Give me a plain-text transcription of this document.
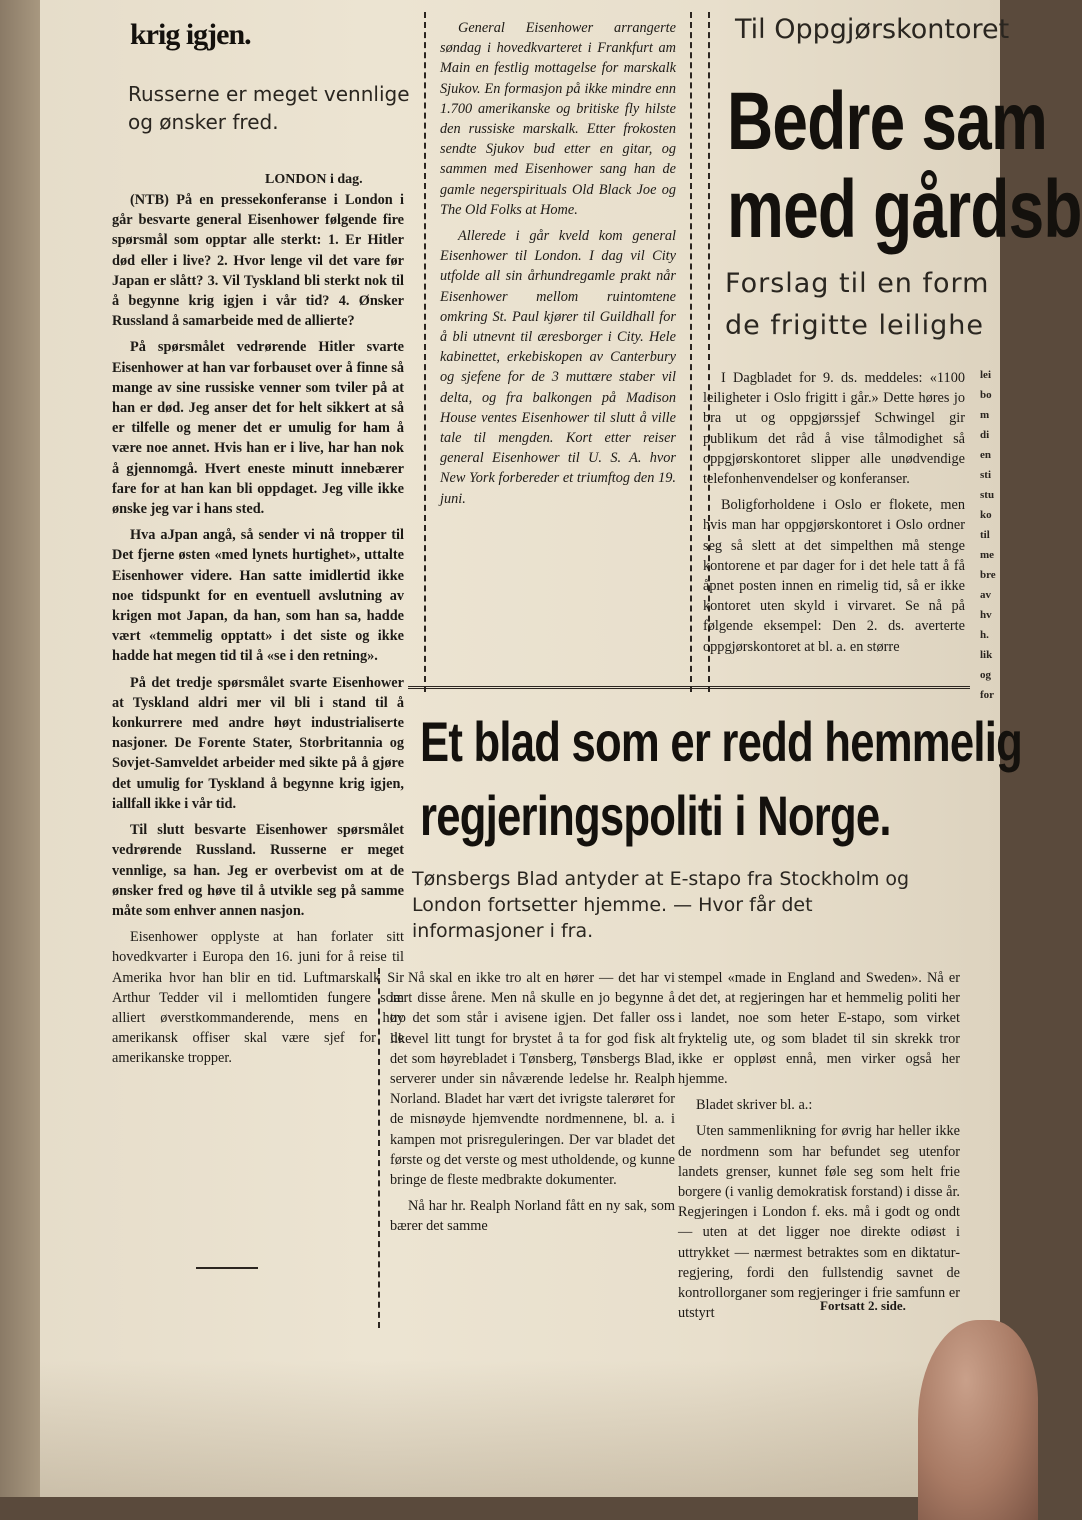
krig igjen.
Russerne er meget vennlige og ønsker fred.
LONDON i dag.

(NTB) På en pressekonferanse i London i går besvarte general Eisenhower følgende fire spørsmål som opptar alle sterkt: 1. Er Hitler død eller i live? 2. Hvor lenge vil det vare før Japan er slått? 3. Vil Tyskland bli sterkt nok til å begynne krig igjen i vår tid? 4. Ønsker Russland å samarbeide med de allierte?

På spørsmålet vedrørende Hitler svarte Eisenhower at han var forbauset over å finne så mange av sine russiske venner som tviler på at han er død. Jeg anser det for helt sikkert at så er tilfelle og mener det er umulig for ham å være noe annet. Hvis han er i live, har han nok å gjennomgå. Hvert eneste minutt innebærer fare for at han kan bli oppdaget. Jeg ville ikke ønske jeg var i hans sted.

Hva aJpan angå, så sender vi nå tropper til Det fjerne østen «med lynets hurtighet», uttalte Eisenhower videre. Han satte imidlertid ikke noe tidspunkt for en eventuell avslutning av krigen mot Japan, da han, som han sa, hadde vært «temmelig opptatt» i det siste og ikke hadde hat megen tid til å «se i den retning».

På det tredje spørsmålet svarte Eisenhower at Tyskland aldri mer vil bli i stand til å konkurrere med andre høyt industrialiserte nasjoner. De Forente Stater, Storbritannia og Sovjet-Samveldet arbeider med sikte på å gjøre det umulig for Tyskland å begynne krig igjen, iallfall ikke i vår tid.

Til slutt besvarte Eisenhower spørsmålet vedrørende Russland. Russerne er meget vennlige, sa han. Jeg er overbevist om at de ønsker fred og høve til å utvikle seg på samme måte som enhver annen nasjon.

Eisenhower opplyste at han forlater sitt hovedkvarter i Europa den 16. juni for å reise til Amerika hvor han blir en tid. Luftmarskalk Sir Arthur Tedder vil i mellomtiden fungere som alliert øverstkommanderende, mens en høy amerikansk offiser skal være sjef for de amerikanske tropper.

General Eisenhower arrangerte søndag i hovedkvarteret i Frankfurt am Main en festlig mottagelse for marskalk Sjukov. En formasjon på ikke mindre enn 1.700 amerikanske og britiske fly hilste den russiske marskalk. Etter frokosten sendte Sjukov bud etter en gitar, og sammen med Eisenhower sang han de gamle negerspirituals Old Black Joe og The Old Folks at Home.

Allerede i går kveld kom general Eisenhower til London. I dag vil City utfolde all sin århundregamle prakt når Eisenhower mellom ruintomtene omkring St. Paul kjører til Guildhall for å bli utnevnt til æresborger i City. Hele kabinettet, erkebiskopen av Canterbury og sjefene for de 3 muttære staber vil delta, og fra balkongen på Madison House ventes Eisenhower til slutt å ville tale til mengden. Kort etter reiser general Eisenhower til U. S. A. hvor New York forbereder et triumftog den 19. juni.

Til Oppgjørskontoret
Bedre sam
med gårdsb
Forslag til en form
de frigitte leilighe

I Dagbladet for 9. ds. meddeles: «1100 leiligheter i Oslo frigitt i går.» Dette høres jo bra ut og oppgjørssjef Schwingel gir publikum det råd å vise tålmodighet så oppgjørskontoret slipper alle unødvendige telefonhenvendelser og konferanser.

Boligforholdene i Oslo er flokete, men hvis man har oppgjørskontoret i Oslo ordner seg så slett at det simpelthen må stenge kontorene et par dager for i det hele tatt å få åpnet posten innen en rimelig tid, så er ikke kontoret uten skyld i virvaret. Se nå på følgende eksempel: Den 2. ds. averterte oppgjørskontoret at bl. a. en større

lei
bo
m
di
en
sti
stu
ko
til
me
bre
av
hv
h.
lik
og
for
Et blad som er redd hemmelig
regjeringspoliti i Norge.
Tønsbergs Blad antyder at E-stapo fra Stockholm og London fortsetter hjemme. — Hvor får det informasjoner i fra.

Nå skal en ikke tro alt en hører — det har vi lært disse årene. Men nå skulle en jo begynne å tro det som står i avisene igjen. Det faller oss likevel litt tungt for brystet å ta for god fisk alt det som høyrebladet i Tønsberg, Tønsbergs Blad, serverer under sin nåværende ledelse hr. Realph Norland. Bladet har vært det ivrigste talerøret for de misnøyde hjemvendte nordmennene, bl. a. i kampen mot prisreguleringen. Der var bladet det første og det verste og mest utholdende, og kunne bringe de fleste medbrakte dokumenter.

Nå har hr. Realph Norland fått en ny sak, som bærer det samme

stempel «made in England and Sweden». Nå er det det, at regjeringen har et hemmelig politi her i landet, noe som heter E-stapo, som virket fryktelig ute, og som bladet til sin skrekk tror ikke er oppløst ennå, men virker også her hjemme.

Bladet skriver bl. a.:

Uten sammenlikning for øvrig har heller ikke de nordmenn som har befundet seg utenfor landets grenser, kunnet føle seg som helt frie borgere (i vanlig demokratisk forstand) i disse år. Regjeringen i London f. eks. må i godt og ondt — uten at det ligger noe direkte odiøst i uttrykket — nærmest betraktes som en diktatur-regjering, fordi den fullstendig savnet de kontrollorganer som regjeringer i frie samfunn er utstyrt	Fortsatt 2. side.
